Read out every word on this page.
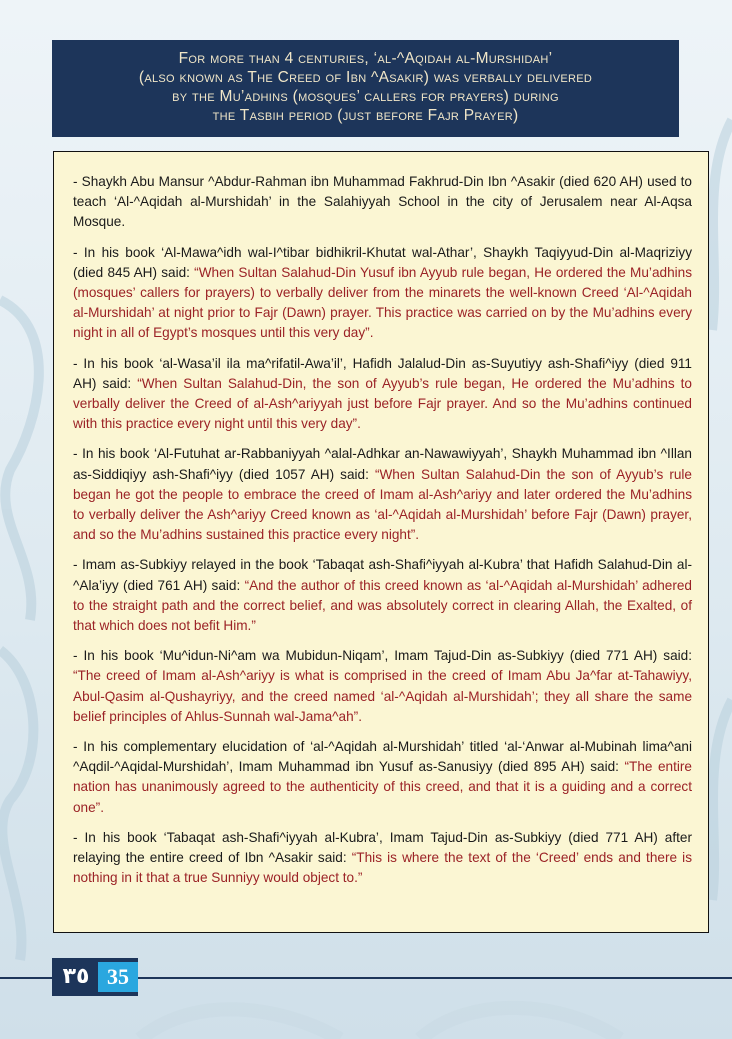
For more than 4 centuries, ‘al-^Aqidah al-Murshidah’
(also known as The Creed of Ibn ^Asakir) was verbally delivered
by the Mu’adhins (mosques’ callers for prayers) during
the Tasbih period (just before Fajr Prayer)

- Shaykh Abu Mansur ^Abdur-Rahman ibn Muhammad Fakhrud-Din Ibn ^Asakir (died 620 AH) used to teach ‘Al-^Aqidah al-Murshidah’ in the Salahiyyah School in the city of Jerusalem near Al-Aqsa Mosque.

- In his book ‘Al-Mawa^idh wal-I^tibar bidhikril-Khutat wal-Athar’, Shaykh Taqiyyud-Din al-Maqriziyy (died 845 AH) said: “When Sultan Salahud-Din Yusuf ibn Ayyub rule began, He ordered the Mu’adhins (mosques’ callers for prayers) to verbally deliver from the minarets the well-known Creed ‘Al-^Aqidah al-Murshidah’ at night prior to Fajr (Dawn) prayer. This practice was carried on by the Mu’adhins every night in all of Egypt’s mosques until this very day”.

- In his book ‘al-Wasa’il ila ma^rifatil-Awa’il’, Hafidh Jalalud-Din as-Suyutiyy ash-Shafi^iyy (died 911 AH) said: “When Sultan Salahud-Din, the son of Ayyub’s rule began, He ordered the Mu’adhins to verbally deliver the Creed of al-Ash^ariyyah just before Fajr prayer. And so the Mu’adhins continued with this practice every night until this very day”.

- In his book ‘Al-Futuhat ar-Rabbaniyyah ^alal-Adhkar an-Nawawiyyah’, Shaykh Muhammad ibn ^Illan as-Siddiqiyy ash-Shafi^iyy (died 1057 AH) said: “When Sultan Salahud-Din the son of Ayyub’s rule began he got the people to embrace the creed of Imam al-Ash^ariyy and later ordered the Mu’adhins to verbally deliver the Ash^ariyy Creed known as ‘al-^Aqidah al-Murshidah’ before Fajr (Dawn) prayer, and so the Mu’adhins sustained this practice every night”.

- Imam as-Subkiyy relayed in the book ‘Tabaqat ash-Shafi^iyyah al-Kubra’ that Hafidh Salahud-Din al-^Ala’iyy (died 761 AH) said: “And the author of this creed known as ‘al-^Aqidah al-Murshidah’ adhered to the straight path and the correct belief, and was absolutely correct in clearing Allah, the Exalted, of that which does not befit Him.”

- In his book ‘Mu^idun-Ni^am wa Mubidun-Niqam’, Imam Tajud-Din as-Subkiyy (died 771 AH) said: “The creed of Imam al-Ash^ariyy is what is comprised in the creed of Imam Abu Ja^far at-Tahawiyy, Abul-Qasim al-Qushayriyy, and the creed named ‘al-^Aqidah al-Murshidah’; they all share the same belief principles of Ahlus-Sunnah wal-Jama^ah”.

- In his complementary elucidation of ‘al-^Aqidah al-Murshidah’ titled ‘al-‘Anwar al-Mubinah lima^ani ^Aqdil-^Aqidal-Murshidah’, Imam Muhammad ibn Yusuf as-Sanusiyy (died 895 AH) said: “The entire nation has unanimously agreed to the authenticity of this creed, and that it is a guiding and a correct one”.

- In his book ‘Tabaqat ash-Shafi^iyyah al-Kubra’, Imam Tajud-Din as-Subkiyy (died 771 AH) after relaying the entire creed of Ibn ^Asakir said: “This is where the text of the ‘Creed’ ends and there is nothing in it that a true Sunniyy would object to.”

٣٥ 35
